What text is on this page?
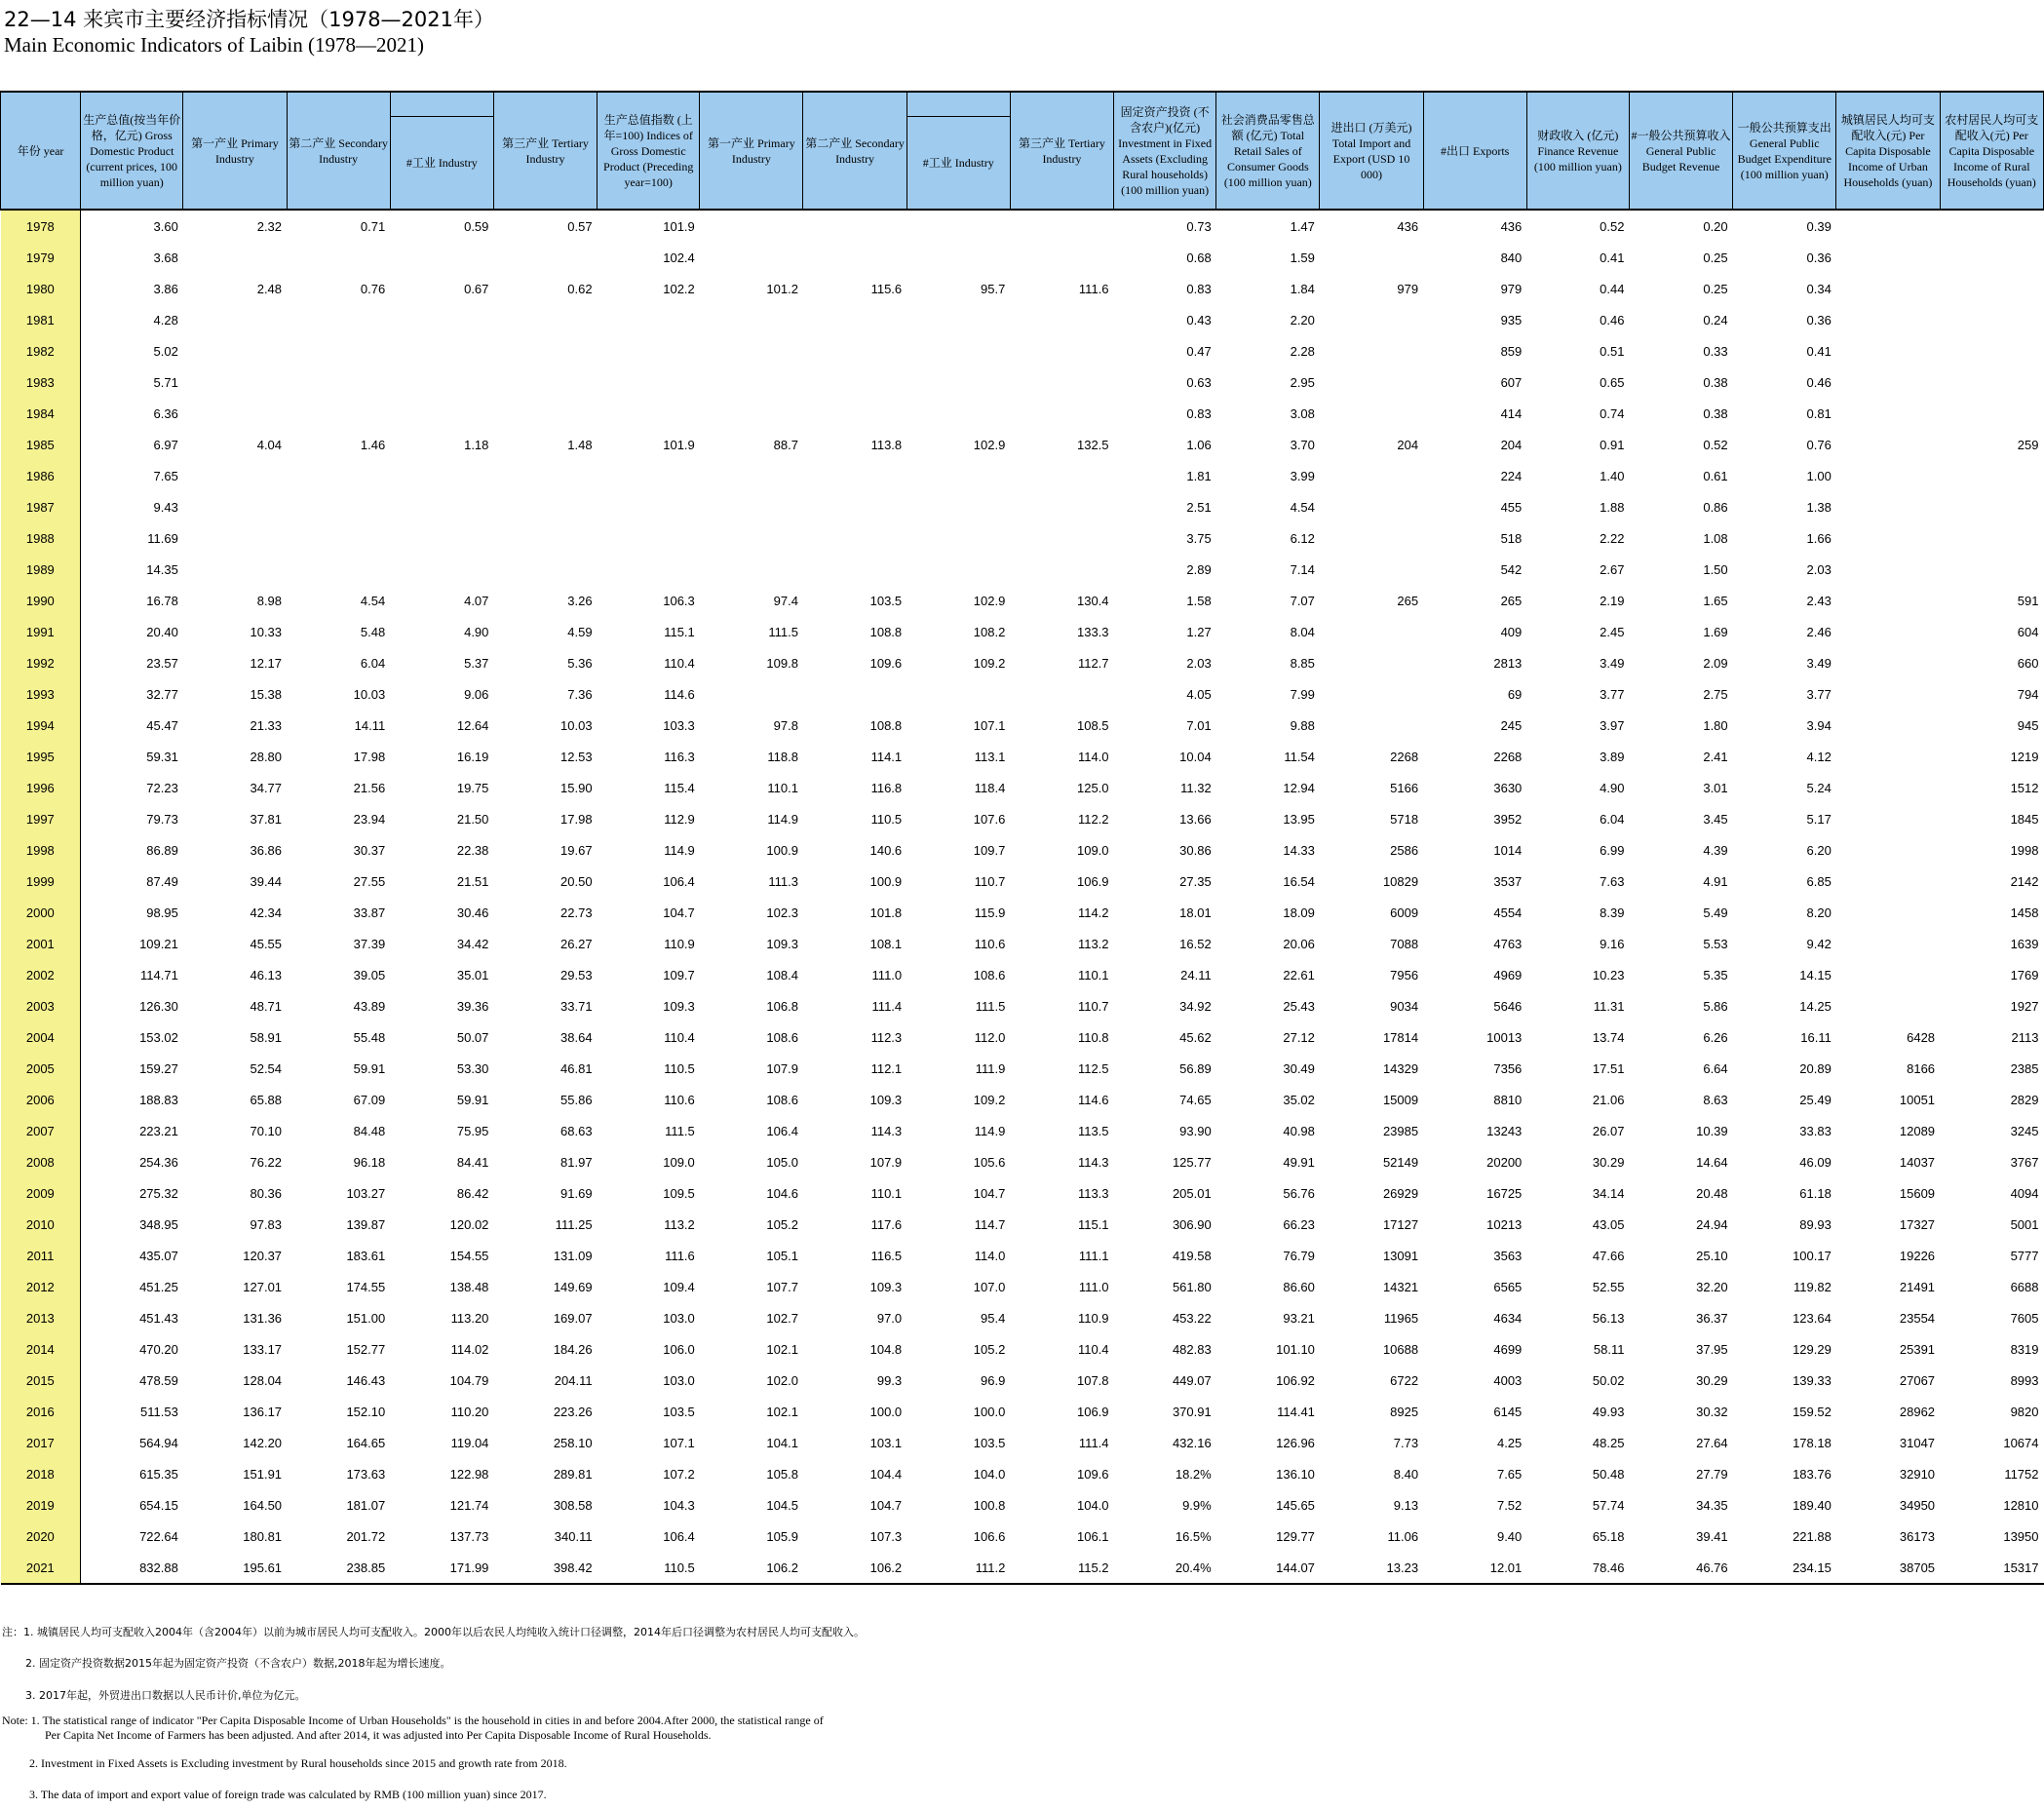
22—14 来宾市主要经济指标情况（1978—2021年）
Main Economic Indicators of Laibin (1978—2021)
年份 year	生产总值(按当年价格，亿元) Gross Domestic Product (current prices, 100 million yuan)	第一产业 Primary Industry	第二产业 Secondary Industry		第三产业 Tertiary Industry	生产总值指数 (上年=100) Indices of Gross Domestic Product (Preceding year=100)	第一产业 Primary Industry	第二产业 Secondary Industry		第三产业 Tertiary Industry	固定资产投资 (不含农户)(亿元) Investment in Fixed Assets (Excluding Rural households) (100 million yuan)	社会消费品零售总额 (亿元) Total Retail Sales of Consumer Goods (100 million yuan)	进出口 (万美元) Total Import and Export (USD 10 000)	#出口 Exports	财政收入 (亿元) Finance Revenue (100 million yuan)	#一般公共预算收入 General Public Budget Revenue	一般公共预算支出 General Public Budget Expenditure (100 million yuan)	城镇居民人均可支配收入(元) Per Capita Disposable Income of Urban Households (yuan)	农村居民人均可支配收入(元) Per Capita Disposable Income of Rural Households (yuan)
				#工业 Industry					#工业 Industry										
1978	3.60	2.32	0.71	0.59	0.57	101.9					0.73	1.47	436	436	0.52	0.20	0.39		
1979	3.68					102.4					0.68	1.59		840	0.41	0.25	0.36		
1980	3.86	2.48	0.76	0.67	0.62	102.2	101.2	115.6	95.7	111.6	0.83	1.84	979	979	0.44	0.25	0.34		
1981	4.28										0.43	2.20		935	0.46	0.24	0.36		
1982	5.02										0.47	2.28		859	0.51	0.33	0.41		
1983	5.71										0.63	2.95		607	0.65	0.38	0.46		
1984	6.36										0.83	3.08		414	0.74	0.38	0.81		
1985	6.97	4.04	1.46	1.18	1.48	101.9	88.7	113.8	102.9	132.5	1.06	3.70	204	204	0.91	0.52	0.76		259
1986	7.65										1.81	3.99		224	1.40	0.61	1.00		
1987	9.43										2.51	4.54		455	1.88	0.86	1.38		
1988	11.69										3.75	6.12		518	2.22	1.08	1.66		
1989	14.35										2.89	7.14		542	2.67	1.50	2.03		
1990	16.78	8.98	4.54	4.07	3.26	106.3	97.4	103.5	102.9	130.4	1.58	7.07	265	265	2.19	1.65	2.43		591
1991	20.40	10.33	5.48	4.90	4.59	115.1	111.5	108.8	108.2	133.3	1.27	8.04		409	2.45	1.69	2.46		604
1992	23.57	12.17	6.04	5.37	5.36	110.4	109.8	109.6	109.2	112.7	2.03	8.85		2813	3.49	2.09	3.49		660
1993	32.77	15.38	10.03	9.06	7.36	114.6					4.05	7.99		69	3.77	2.75	3.77		794
1994	45.47	21.33	14.11	12.64	10.03	103.3	97.8	108.8	107.1	108.5	7.01	9.88		245	3.97	1.80	3.94		945
1995	59.31	28.80	17.98	16.19	12.53	116.3	118.8	114.1	113.1	114.0	10.04	11.54	2268	2268	3.89	2.41	4.12		1219
1996	72.23	34.77	21.56	19.75	15.90	115.4	110.1	116.8	118.4	125.0	11.32	12.94	5166	3630	4.90	3.01	5.24		1512
1997	79.73	37.81	23.94	21.50	17.98	112.9	114.9	110.5	107.6	112.2	13.66	13.95	5718	3952	6.04	3.45	5.17		1845
1998	86.89	36.86	30.37	22.38	19.67	114.9	100.9	140.6	109.7	109.0	30.86	14.33	2586	1014	6.99	4.39	6.20		1998
1999	87.49	39.44	27.55	21.51	20.50	106.4	111.3	100.9	110.7	106.9	27.35	16.54	10829	3537	7.63	4.91	6.85		2142
2000	98.95	42.34	33.87	30.46	22.73	104.7	102.3	101.8	115.9	114.2	18.01	18.09	6009	4554	8.39	5.49	8.20		1458
2001	109.21	45.55	37.39	34.42	26.27	110.9	109.3	108.1	110.6	113.2	16.52	20.06	7088	4763	9.16	5.53	9.42		1639
2002	114.71	46.13	39.05	35.01	29.53	109.7	108.4	111.0	108.6	110.1	24.11	22.61	7956	4969	10.23	5.35	14.15		1769
2003	126.30	48.71	43.89	39.36	33.71	109.3	106.8	111.4	111.5	110.7	34.92	25.43	9034	5646	11.31	5.86	14.25		1927
2004	153.02	58.91	55.48	50.07	38.64	110.4	108.6	112.3	112.0	110.8	45.62	27.12	17814	10013	13.74	6.26	16.11	6428	2113
2005	159.27	52.54	59.91	53.30	46.81	110.5	107.9	112.1	111.9	112.5	56.89	30.49	14329	7356	17.51	6.64	20.89	8166	2385
2006	188.83	65.88	67.09	59.91	55.86	110.6	108.6	109.3	109.2	114.6	74.65	35.02	15009	8810	21.06	8.63	25.49	10051	2829
2007	223.21	70.10	84.48	75.95	68.63	111.5	106.4	114.3	114.9	113.5	93.90	40.98	23985	13243	26.07	10.39	33.83	12089	3245
2008	254.36	76.22	96.18	84.41	81.97	109.0	105.0	107.9	105.6	114.3	125.77	49.91	52149	20200	30.29	14.64	46.09	14037	3767
2009	275.32	80.36	103.27	86.42	91.69	109.5	104.6	110.1	104.7	113.3	205.01	56.76	26929	16725	34.14	20.48	61.18	15609	4094
2010	348.95	97.83	139.87	120.02	111.25	113.2	105.2	117.6	114.7	115.1	306.90	66.23	17127	10213	43.05	24.94	89.93	17327	5001
2011	435.07	120.37	183.61	154.55	131.09	111.6	105.1	116.5	114.0	111.1	419.58	76.79	13091	3563	47.66	25.10	100.17	19226	5777
2012	451.25	127.01	174.55	138.48	149.69	109.4	107.7	109.3	107.0	111.0	561.80	86.60	14321	6565	52.55	32.20	119.82	21491	6688
2013	451.43	131.36	151.00	113.20	169.07	103.0	102.7	97.0	95.4	110.9	453.22	93.21	11965	4634	56.13	36.37	123.64	23554	7605
2014	470.20	133.17	152.77	114.02	184.26	106.0	102.1	104.8	105.2	110.4	482.83	101.10	10688	4699	58.11	37.95	129.29	25391	8319
2015	478.59	128.04	146.43	104.79	204.11	103.0	102.0	99.3	96.9	107.8	449.07	106.92	6722	4003	50.02	30.29	139.33	27067	8993
2016	511.53	136.17	152.10	110.20	223.26	103.5	102.1	100.0	100.0	106.9	370.91	114.41	8925	6145	49.93	30.32	159.52	28962	9820
2017	564.94	142.20	164.65	119.04	258.10	107.1	104.1	103.1	103.5	111.4	432.16	126.96	7.73	4.25	48.25	27.64	178.18	31047	10674
2018	615.35	151.91	173.63	122.98	289.81	107.2	105.8	104.4	104.0	109.6	18.2%	136.10	8.40	7.65	50.48	27.79	183.76	32910	11752
2019	654.15	164.50	181.07	121.74	308.58	104.3	104.5	104.7	100.8	104.0	9.9%	145.65	9.13	7.52	57.74	34.35	189.40	34950	12810
2020	722.64	180.81	201.72	137.73	340.11	106.4	105.9	107.3	106.6	106.1	16.5%	129.77	11.06	9.40	65.18	39.41	221.88	36173	13950
2021	832.88	195.61	238.85	171.99	398.42	110.5	106.2	106.2	111.2	115.2	20.4%	144.07	13.23	12.01	78.46	46.76	234.15	38705	15317
注：1. 城镇居民人均可支配收入2004年（含2004年）以前为城市居民人均可支配收入。2000年以后农民人均纯收入统计口径调整，2014年后口径调整为农村居民人均可支配收入。
2. 固定资产投资数据2015年起为固定资产投资（不含农户）数据,2018年起为增长速度。
3. 2017年起，外贸进出口数据以人民币计价,单位为亿元。
Note: 1. The statistical range of indicator "Per Capita Disposable Income of Urban Households" is the household in cities in and before 2004.After 2000, the statistical range of
Per Capita Net Income of Farmers has been adjusted. And after 2014, it was adjusted into Per Capita Disposable Income of Rural Households.
2. Investment in Fixed Assets is Excluding investment by Rural households since 2015 and growth rate from 2018.
3. The data of import and export value of foreign trade was calculated by RMB (100 million yuan) since 2017.
